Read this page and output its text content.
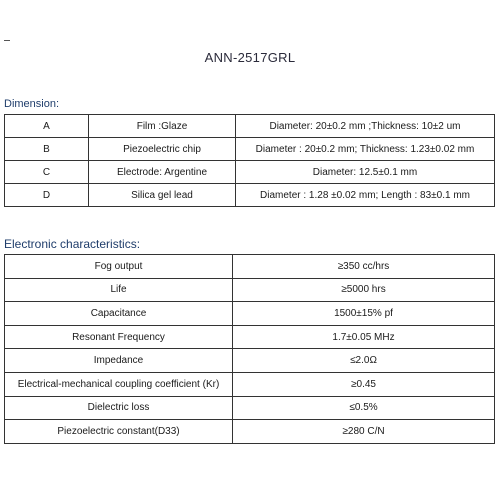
ANN-2517GRL
Dimension:
A	Film :Glaze	Diameter: 20±0.2 mm ;Thickness: 10±2 um
B	Piezoelectric chip	Diameter : 20±0.2 mm; Thickness: 1.23±0.02 mm
C	Electrode: Argentine	Diameter: 12.5±0.1 mm
D	Silica gel lead	Diameter : 1.28 ±0.02 mm; Length : 83±0.1 mm
Electronic characteristics:
Fog output	≥350 cc/hrs
Life	≥5000 hrs
Capacitance	1500±15% pf
Resonant Frequency	1.7±0.05 MHz
Impedance	≤2.0Ω
Electrical-mechanical coupling coefficient (Kr)	≥0.45
Dielectric loss	≤0.5%
Piezoelectric constant(D33)	≥280 C/N
